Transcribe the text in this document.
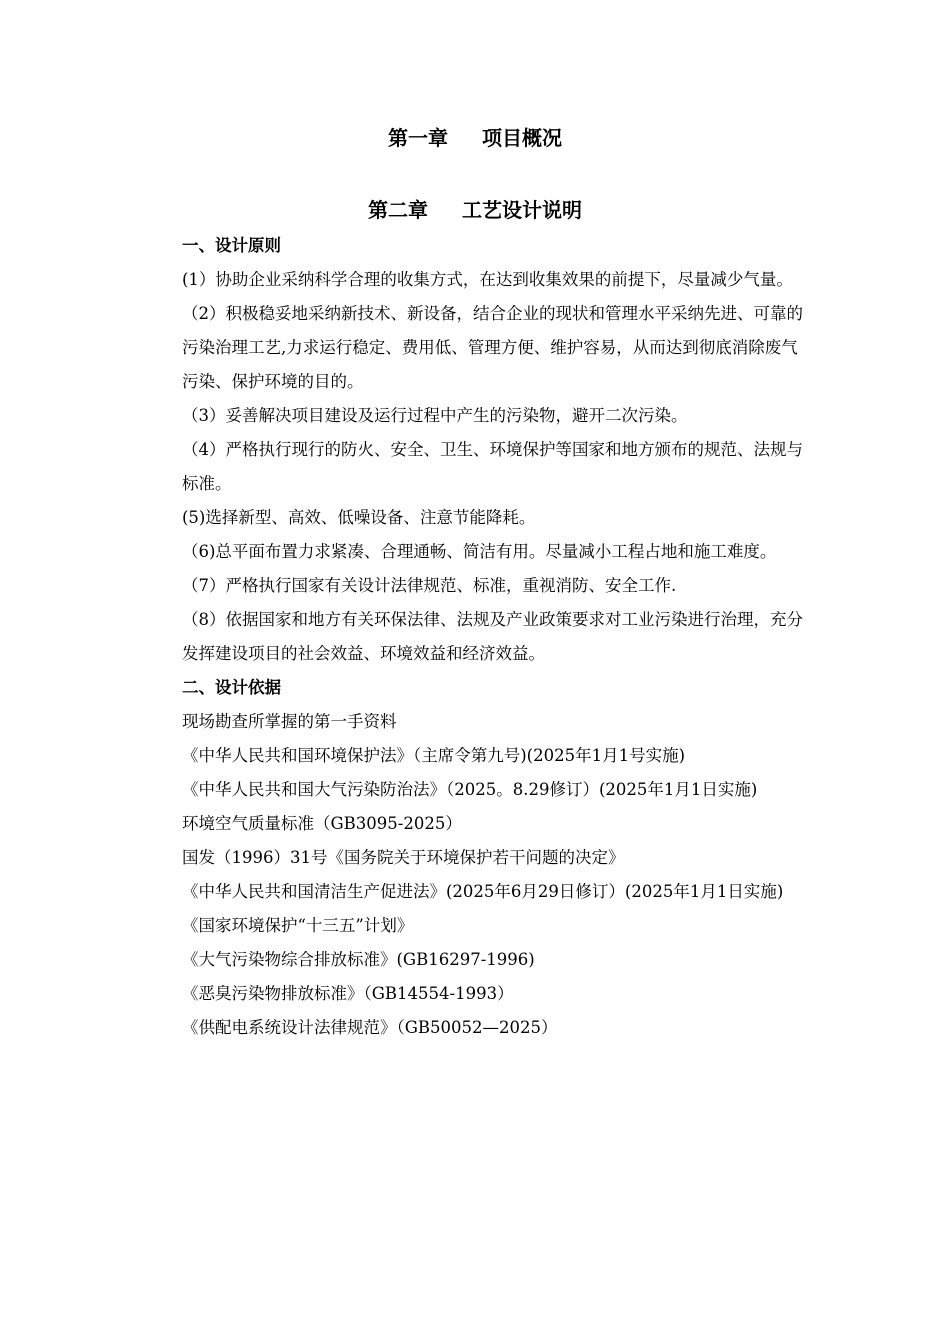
第一章 项目概况
第二章 工艺设计说明
一、设计原则

(1）协助企业采纳科学合理的收集方式，在达到收集效果的前提下，尽量减少气量。

（2）积极稳妥地采纳新技术、新设备，结合企业的现状和管理水平采纳先进、可靠的污染治理工艺,力求运行稳定、费用低、管理方便、维护容易，从而达到彻底消除废气污染、保护环境的目的。

（3）妥善解决项目建设及运行过程中产生的污染物，避开二次污染。

（4）严格执行现行的防火、安全、卫生、环境保护等国家和地方颁布的规范、法规与标准。

(5)选择新型、高效、低噪设备、注意节能降耗。

（6)总平面布置力求紧凑、合理通畅、简洁有用。尽量减小工程占地和施工难度。

（7）严格执行国家有关设计法律规范、标准，重视消防、安全工作.

（8）依据国家和地方有关环保法律、法规及产业政策要求对工业污染进行治理，充分发挥建设项目的社会效益、环境效益和经济效益。

二、设计依据

现场勘查所掌握的第一手资料

《中华人民共和国环境保护法》（主席令第九号)(2025年1月1号实施)

《中华人民共和国大气污染防治法》（2025。8.29修订）(2025年1月1日实施)

环境空气质量标准（GB3095-2025）

国发（1996）31号《国务院关于环境保护若干问题的决定》

《中华人民共和国清洁生产促进法》(2025年6月29日修订）(2025年1月1日实施)

《国家环境保护“十三五”计划》

《大气污染物综合排放标准》(GB16297-1996)

《恶臭污染物排放标准》（GB14554-1993）

《供配电系统设计法律规范》（GB50052—2025）
